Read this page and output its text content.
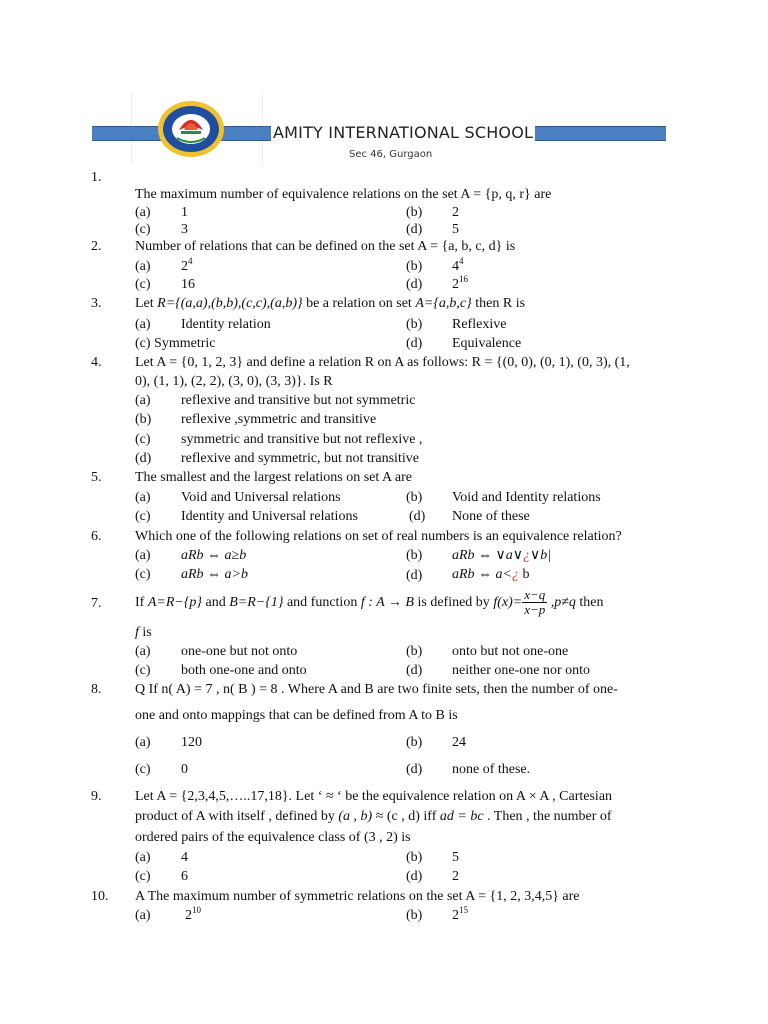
AMITY INTERNATIONAL SCHOOL
Sec 46, Gurgaon
1.
The maximum number of equivalence relations on the set A = {p, q, r} are
(a) 1	(b) 2
(c) 3	(d) 5
2. Number of relations that can be defined on the set A = {a, b, c, d} is
(a) $2^4$	(b) $4^4$
(c) 16	(d) $2^{16}$
3. Let R={(a,a),(b,b),(c,c),(a,b)} be a relation on set A={a,b,c} then R is
(a) Identity relation	(b) Reflexive
(c) Symmetric	(d) Equivalence
4. Let A = {0, 1, 2, 3} and define a relation R on A as follows: R = {(0, 0), (0, 1), (0, 3), (1,
0), (1, 1), (2, 2), (3, 0), (3, 3)}. Is R
(a) reflexive and transitive but not symmetric
(b) reflexive ,symmetric and transitive
(c) symmetric and transitive but not reflexive ,
(d) reflexive and symmetric, but not transitive
5. The smallest and the largest relations on set A are
(a) Void and Universal relations	(b) Void and Identity relations
(c) Identity and Universal relations	(d) None of these
6. Which one of the following relations on set of real numbers is an equivalence relation?
(a) aRb ⇔ a≥b	(b) aRb ⇔ ∨a∨¿∨b|
(c) aRb ⇔ a>b	(d) aRb ⇔ a<¿ b
7. If A=R−{p} and B=R−{1} and function f : A → B is defined by $f(x)= \frac{x-q}{x-p} ,p\ne q$ then
f is
(a) one-one but not onto	(b) onto but not one-one
(c) both one-one and onto	(d) neither one-one nor onto
8. Q If n( A) = 7 , n( B ) = 8 . Where A and B are two finite sets, then the number of one-
one and onto mappings that can be defined from A to B is
(a) 120	(b) 24
(c) 0	(d) none of these.
9. Let A = {2,3,4,5,…..17,18}. Let ‘ ≈ ‘ be the equivalence relation on A × A , Cartesian
product of A with itself , defined by (a , b) ≈ (c , d) iff ad = bc . Then , the number of
ordered pairs of the equivalence class of (3 , 2) is
(a) 4	(b) 5
(c) 6	(d) 2
10. A The maximum number of symmetric relations on the set A = {1, 2, 3,4,5} are
(a) $2^{10}$	(b) $2^{15}$
